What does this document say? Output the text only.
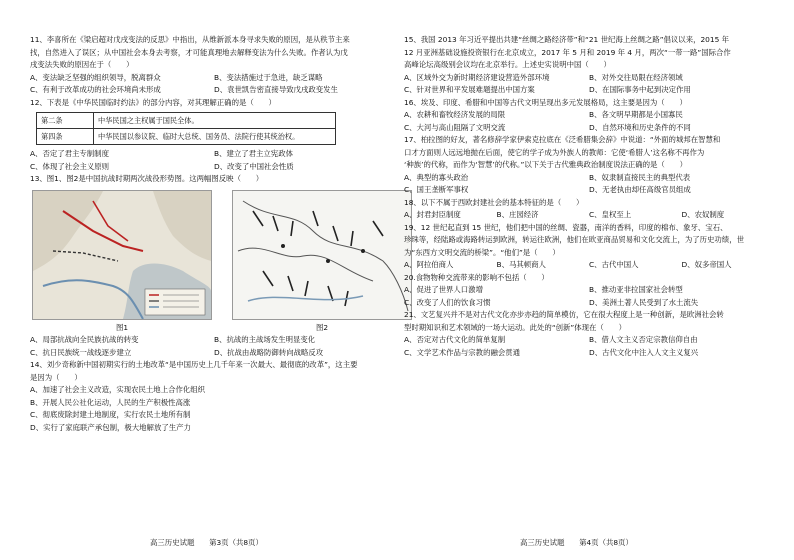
11、李喜所在《梁启超对戊戌变法的反思》中指出，从维新派本身寻求失败的原因，是从秩节主来
找，自然进入了误区；从中国社会本身去考察，才可能真理地去解释变法为什么失败。作者认为戊
戌变法失败的原因在于（　　）
A、变法缺乏坚强的组织领导，脱离群众	B、变法措施过于急进，缺乏谋略
C、有利于改革成功的社会环境尚未形成	D、袁世凯告密直接导致戊戌政变发生
12、下表是《中华民国临时约法》的部分内容，对其理解正确的是（　　）
第二条	中华民国之主权属于国民全体。
第四条	中华民国以参议院、临时大总统、国务员、法院行使其统治权。
A、否定了君主专制制度	B、建立了君主立宪政体
C、体现了社会主义原则	D、改变了中国社会性质
13、图1、图2是中国抗战时期两次战役形势图。这两幅图反映（　　）
图1	图2
A、局部抗战向全民族抗战的转变	B、抗战的主战场发生明显变化
C、抗日民族统一战线逐步建立	D、抗战由战略防御转向战略反攻
14、刘少奇称新中国初期实行的土地改革“是中国历史上几千年来一次最大、最彻底的改革”，这主要
是因为（　　）
A、加速了社会主义改造，实现农民土地上合作化组织
B、开展人民公社化运动，人民的生产积极性高涨
C、彻底废除封建土地制度，实行农民土地所有制
D、实行了家庭联产承包制，极大地解放了生产力
15、我国 2013 年习近平提出共建“丝绸之路经济带”和“21 世纪海上丝绸之路”倡议以来，2015 年
12 月亚洲基础设施投资银行在北京成立，2017 年 5 月和 2019 年 4 月，两次“一带一路”国际合作
高峰论坛高级别会议均在北京举行。上述史实说明中国（　　）
A、区域外交为新时期经济建设营造外部环境	B、对外交往局限在经济领域
C、针对世界和平发展难题提出中国方案	D、在国际事务中起到决定作用
16、埃及、印度、希腊和中国等古代文明呈现出多元发展格局，这主要是因为（　　）
A、农耕和畜牧经济发展的局限	B、各文明早期都是小国寡民
C、大河与高山阻隔了文明交流	D、自然环境和历史条件的不同
17、柏拉图的好友，著名修辞学家伊索克拉底在《泛希腊集会辞》中说道：“外面的城邦在智慧和
口才方面则人远远地抛在后面，使它的学子成为外族人的教师：它使‘希腊人’这名称不再作为
‘种族’的代称，而作为‘智慧’的代称。”以下关于古代雅典政治制度说法正确的是（　　）
A、典型的寡头政治	B、奴隶制直接民主的典型代表
C、国王垄断军事权	D、无老执由却任高级官员组成
18、以下不属于西欧封建社会的基本特征的是（　　）
A、封君封臣制度	B、庄园经济	C、皇权至上	D、农奴制度
19、12 世纪起直到 15 世纪，他们把中国的丝绸、瓷器，南洋的香料，印度的棉布、象牙、宝石、
珍珠等，经陆路或海路转运到欧洲，转运往欧洲，他们在欧亚商品贸易和文化交流上，为了历史功绩，世
为“东西方文明交流的桥梁”。“他们”是（　　）
A、阿拉伯商人	B、马其顿商人	C、古代中国人	D、奴多帝国人
20.食物物种交流带来的影响不包括（　　）
A、促进了世界人口激增	B、推动亚非拉国家社会转型
C、改变了人们的饮食习惯	D、美洲土著人民受到了水土流失
21、文艺复兴并不是对古代文化亦步亦趋的简单模仿，它在很大程度上是一种创新，是欧洲社会转
型时期知识和艺术领域的一场大运动。此处的“创新”体现在（　　）
A、否定对古代文化的简单复制	B、借人文主义否定宗教信仰自由
C、文学艺术作品与宗教的融会贯通	D、古代文化中注入人文主义复兴
高三历史试题　　第3页（共8页）	高三历史试题　　第4页（共8页）
